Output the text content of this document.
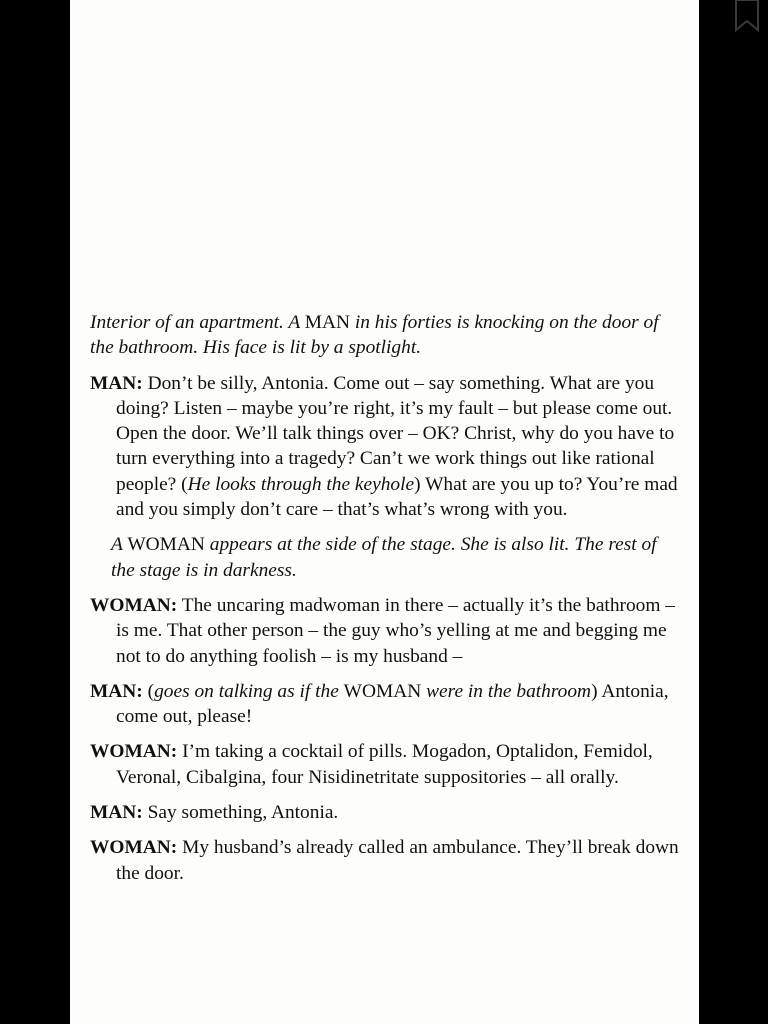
Interior of an apartment. A MAN in his forties is knocking on the door of the bathroom. His face is lit by a spotlight.

MAN: Don’t be silly, Antonia. Come out – say something. What are you doing? Listen – maybe you’re right, it’s my fault – but please come out. Open the door. We’ll talk things over – OK? Christ, why do you have to turn everything into a tragedy? Can’t we work things out like rational people? (He looks through the keyhole) What are you up to? You’re mad and you simply don’t care – that’s what’s wrong with you.

A WOMAN appears at the side of the stage. She is also lit. The rest of the stage is in darkness.

WOMAN: The uncaring madwoman in there – actually it’s the bathroom – is me. That other person – the guy who’s yelling at me and begging me not to do anything foolish – is my husband –

MAN: (goes on talking as if the WOMAN were in the bathroom) Antonia, come out, please!

WOMAN: I’m taking a cocktail of pills. Mogadon, Optalidon, Femidol, Veronal, Cibalgina, four Nisidinetritate suppositories – all orally.

MAN: Say something, Antonia.

WOMAN: My husband’s already called an ambulance. They’ll break down the door.
